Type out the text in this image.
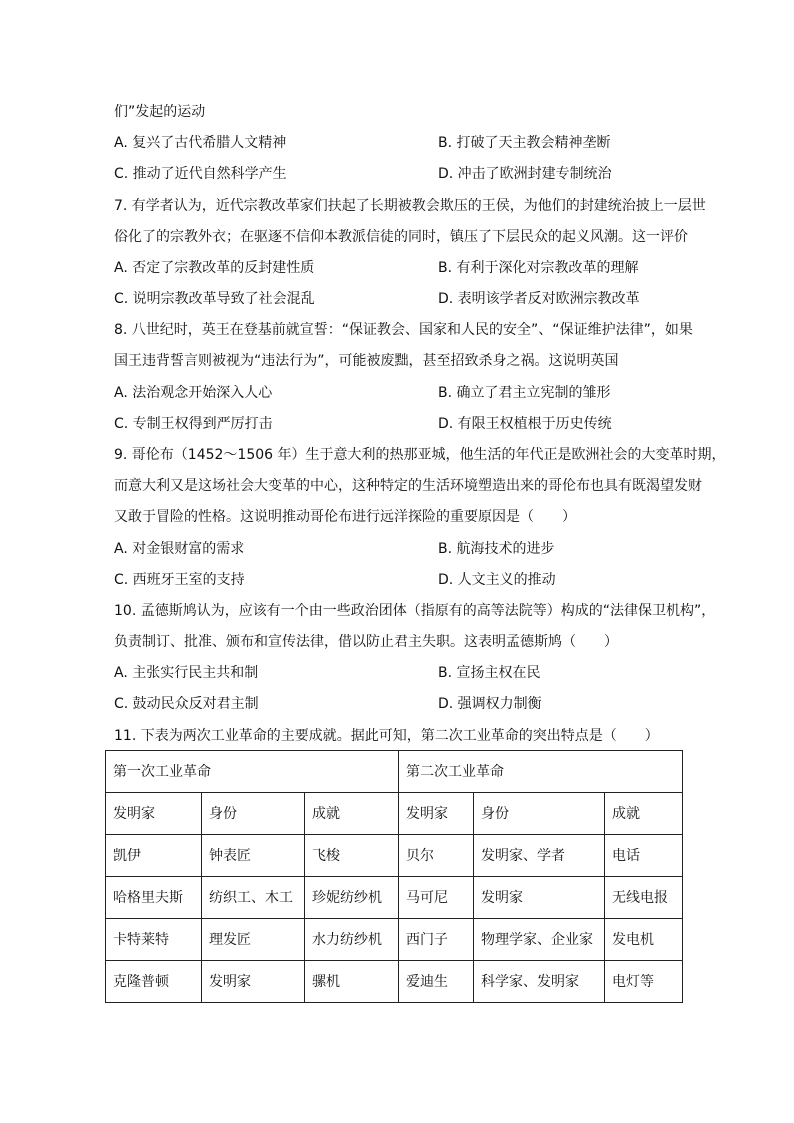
们”发起的运动
A. 复兴了古代希腊人文精神	B. 打破了天主教会精神垄断
C. 推动了近代自然科学产生	D. 冲击了欧洲封建专制统治
7. 有学者认为，近代宗教改革家们扶起了长期被教会欺压的王侯，为他们的封建统治披上一层世
俗化了的宗教外衣；在驱逐不信仰本教派信徒的同时，镇压了下层民众的起义风潮。这一评价
A. 否定了宗教改革的反封建性质	B. 有利于深化对宗教改革的理解
C. 说明宗教改革导致了社会混乱	D. 表明该学者反对欧洲宗教改革
8. 八世纪时，英王在登基前就宣誓：“保证教会、国家和人民的安全”、“保证维护法律”，如果
国王违背誓言则被视为“违法行为”，可能被废黜，甚至招致杀身之祸。这说明英国
A. 法治观念开始深入人心	B. 确立了君主立宪制的雏形
C. 专制王权得到严厉打击	D. 有限王权植根于历史传统
9. 哥伦布（1452～1506 年）生于意大利的热那亚城，他生活的年代正是欧洲社会的大变革时期，
而意大利又是这场社会大变革的中心，这种特定的生活环境塑造出来的哥伦布也具有既渴望发财
又敢于冒险的性格。这说明推动哥伦布进行远洋探险的重要原因是（　　）
A. 对金银财富的需求	B. 航海技术的进步
C. 西班牙王室的支持	D. 人文主义的推动
10. 孟德斯鸠认为，应该有一个由一些政治团体（指原有的高等法院等）构成的“法律保卫机构”，
负责制订、批准、颁布和宣传法律，借以防止君主失职。这表明孟德斯鸠（　　）
A. 主张实行民主共和制	B. 宣扬主权在民
C. 鼓动民众反对君主制	D. 强调权力制衡
11. 下表为两次工业革命的主要成就。据此可知，第二次工业革命的突出特点是（　　）
第一次工业革命			第二次工业革命		
发明家	身份	成就	发明家	身份	成就
凯伊	钟表匠	飞梭	贝尔	发明家、学者	电话
哈格里夫斯	纺织工、木工	珍妮纺纱机	马可尼	发明家	无线电报
卡特莱特	理发匠	水力纺纱机	西门子	物理学家、企业家	发电机
克隆普顿	发明家	骡机	爱迪生	科学家、发明家	电灯等
